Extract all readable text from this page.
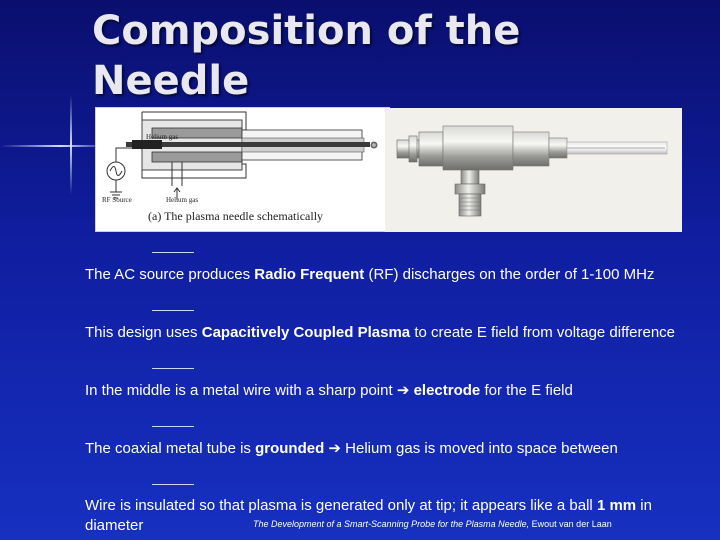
Composition of the
Needle
Helium gas
RF Source	Helium gas
(a) The plasma needle schematically

The AC source produces Radio Frequent (RF) discharges on the order of 1-100 MHz

This design uses Capacitively Coupled Plasma to create E field from voltage difference

In the middle is a metal wire with a sharp point ➔ electrode for the E field

The coaxial metal tube is grounded ➔ Helium gas is moved into space between

Wire is insulated so that plasma is generated only at tip; it appears like a ball 1 mm in

diameter	The Development of a Smart-Scanning Probe for the Plasma Needle, Ewout van der Laan
